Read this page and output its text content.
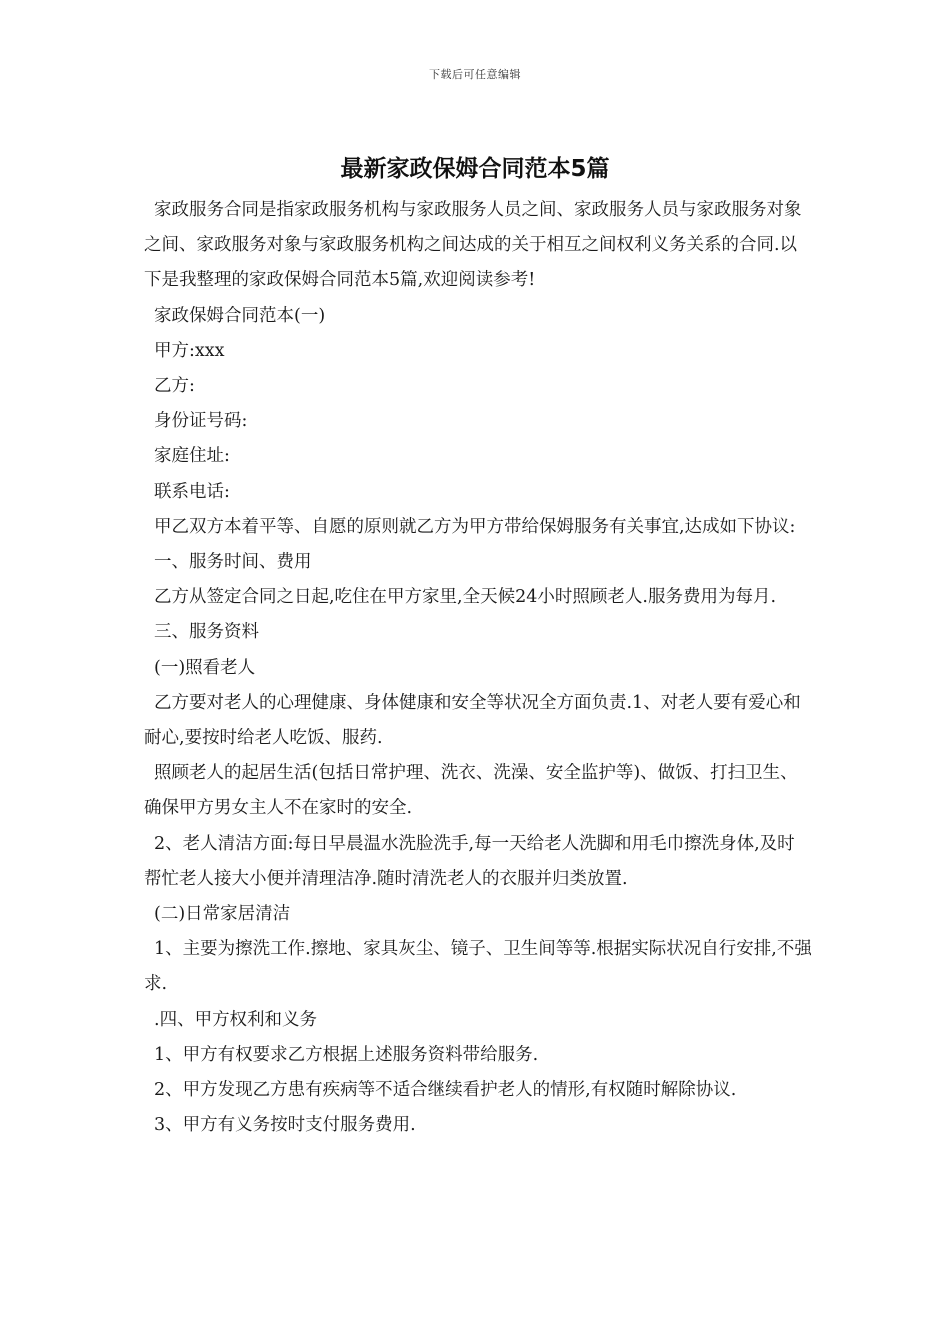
下载后可任意编辑
最新家政保姆合同范本5篇

家政服务合同是指家政服务机构与家政服务人员之间、家政服务人员与家政服务对象之间、家政服务对象与家政服务机构之间达成的关于相互之间权利义务关系的合同.以下是我整理的家政保姆合同范本5篇,欢迎阅读参考!

家政保姆合同范本(一)

甲方:xxx

乙方:

身份证号码:

家庭住址:

联系电话:

甲乙双方本着平等、自愿的原则就乙方为甲方带给保姆服务有关事宜,达成如下协议:

一、服务时间、费用

乙方从签定合同之日起,吃住在甲方家里,全天候24小时照顾老人.服务费用为每月.

三、服务资料

(一)照看老人

乙方要对老人的心理健康、身体健康和安全等状况全方面负责.1、对老人要有爱心和耐心,要按时给老人吃饭、服药.

照顾老人的起居生活(包括日常护理、洗衣、洗澡、安全监护等)、做饭、打扫卫生、确保甲方男女主人不在家时的安全.

2、老人清洁方面:每日早晨温水洗脸洗手,每一天给老人洗脚和用毛巾擦洗身体,及时帮忙老人接大小便并清理洁净.随时清洗老人的衣服并归类放置.

(二)日常家居清洁

1、主要为擦洗工作.擦地、家具灰尘、镜子、卫生间等等.根据实际状况自行安排,不强求.

.四、甲方权利和义务

1、甲方有权要求乙方根据上述服务资料带给服务.

2、甲方发现乙方患有疾病等不适合继续看护老人的情形,有权随时解除协议.

3、甲方有义务按时支付服务费用.
